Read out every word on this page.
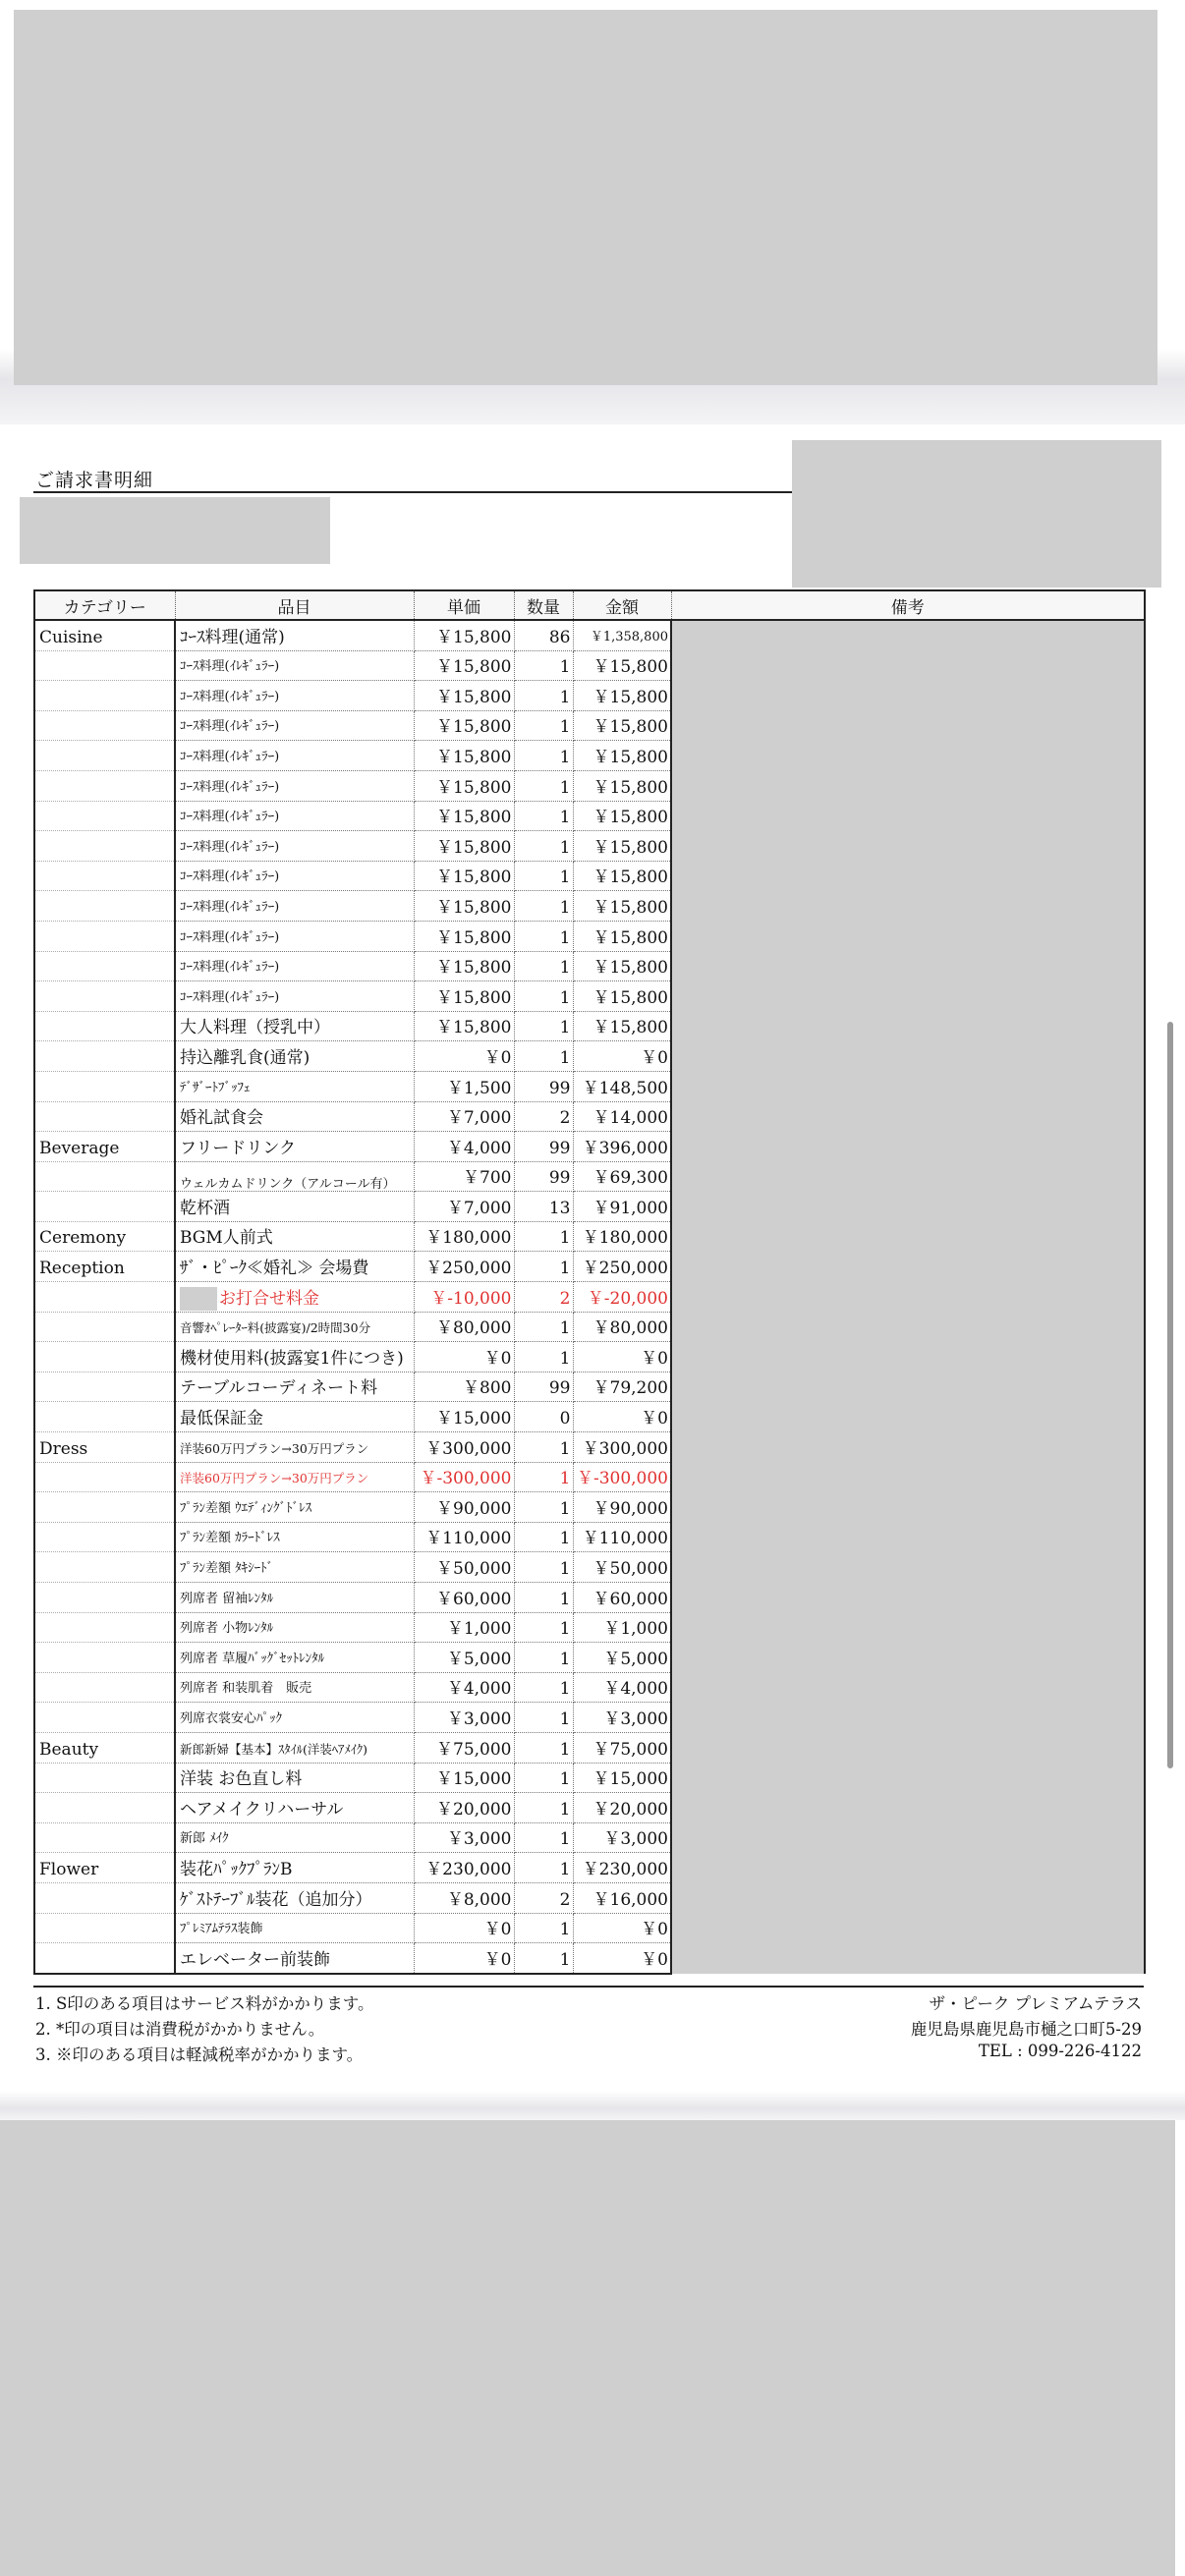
ご請求書明細
カテゴリー	品目	単価	数量	金額	備考
Cuisine	ｺｰｽ料理(通常)	￥15,800	86	￥1,358,800	
	ｺｰｽ料理(ｲﾚｷﾞｭﾗｰ)	￥15,800	1	￥15,800	
	ｺｰｽ料理(ｲﾚｷﾞｭﾗｰ)	￥15,800	1	￥15,800	
	ｺｰｽ料理(ｲﾚｷﾞｭﾗｰ)	￥15,800	1	￥15,800	
	ｺｰｽ料理(ｲﾚｷﾞｭﾗｰ)	￥15,800	1	￥15,800	
	ｺｰｽ料理(ｲﾚｷﾞｭﾗｰ)	￥15,800	1	￥15,800	
	ｺｰｽ料理(ｲﾚｷﾞｭﾗｰ)	￥15,800	1	￥15,800	
	ｺｰｽ料理(ｲﾚｷﾞｭﾗｰ)	￥15,800	1	￥15,800	
	ｺｰｽ料理(ｲﾚｷﾞｭﾗｰ)	￥15,800	1	￥15,800	
	ｺｰｽ料理(ｲﾚｷﾞｭﾗｰ)	￥15,800	1	￥15,800	
	ｺｰｽ料理(ｲﾚｷﾞｭﾗｰ)	￥15,800	1	￥15,800	
	ｺｰｽ料理(ｲﾚｷﾞｭﾗｰ)	￥15,800	1	￥15,800	
	ｺｰｽ料理(ｲﾚｷﾞｭﾗｰ)	￥15,800	1	￥15,800	
	大人料理（授乳中）	￥15,800	1	￥15,800	
	持込離乳食(通常)	￥0	1	￥0	
	ﾃﾞｻﾞｰﾄﾌﾞｯﾌｪ	￥1,500	99	￥148,500	
	婚礼試食会	￥7,000	2	￥14,000	
Beverage	フリードリンク	￥4,000	99	￥396,000	
	ウェルカムドリンク（アルコール有）	￥700	99	￥69,300	
	乾杯酒	￥7,000	13	￥91,000	
Ceremony	BGM人前式	￥180,000	1	￥180,000	
Reception	ｻﾞ・ﾋﾟｰｸ≪婚礼≫ 会場費	￥250,000	1	￥250,000	
	お打合せ料金	￥-10,000	2	￥-20,000	
	音響ｵﾍﾟﾚｰﾀｰ料(披露宴)/2時間30分	￥80,000	1	￥80,000	
	機材使用料(披露宴1件につき)	￥0	1	￥0	
	テーブルコーディネート料	￥800	99	￥79,200	
	最低保証金	￥15,000	0	￥0	
Dress	洋装60万円プラン→30万円プラン	￥300,000	1	￥300,000	
	洋装60万円プラン→30万円プラン	￥-300,000	1	￥-300,000	
	ﾌﾟﾗﾝ差額 ｳｴﾃﾞｨﾝｸﾞﾄﾞﾚｽ	￥90,000	1	￥90,000	
	ﾌﾟﾗﾝ差額 ｶﾗｰﾄﾞﾚｽ	￥110,000	1	￥110,000	
	ﾌﾟﾗﾝ差額 ﾀｷｼｰﾄﾞ	￥50,000	1	￥50,000	
	列席者 留袖ﾚﾝﾀﾙ	￥60,000	1	￥60,000	
	列席者 小物ﾚﾝﾀﾙ	￥1,000	1	￥1,000	
	列席者 草履ﾊﾞｯｸﾞｾｯﾄﾚﾝﾀﾙ	￥5,000	1	￥5,000	
	列席者 和装肌着　販売	￥4,000	1	￥4,000	
	列席衣裳安心ﾊﾟｯｸ	￥3,000	1	￥3,000	
Beauty	新郎新婦【基本】ｽﾀｲﾙ(洋装ﾍｱﾒｲｸ)	￥75,000	1	￥75,000	
	洋装 お色直し料	￥15,000	1	￥15,000	
	ヘアメイクリハーサル	￥20,000	1	￥20,000	
	新郎 ﾒｲｸ	￥3,000	1	￥3,000	
Flower	装花ﾊﾟｯｸﾌﾟﾗﾝB	￥230,000	1	￥230,000	
	ｹﾞｽﾄﾃｰﾌﾞﾙ装花（追加分）	￥8,000	2	￥16,000	
	ﾌﾟﾚﾐｱﾑﾃﾗｽ装飾	￥0	1	￥0	
	エレベーター前装飾	￥0	1	￥0	
1. S印のある項目はサービス料がかかります。
2. *印の項目は消費税がかかりません。
3. ※印のある項目は軽減税率がかかります。
ザ・ピーク プレミアムテラス
鹿児島県鹿児島市樋之口町5-29
TEL : 099-226-4122
